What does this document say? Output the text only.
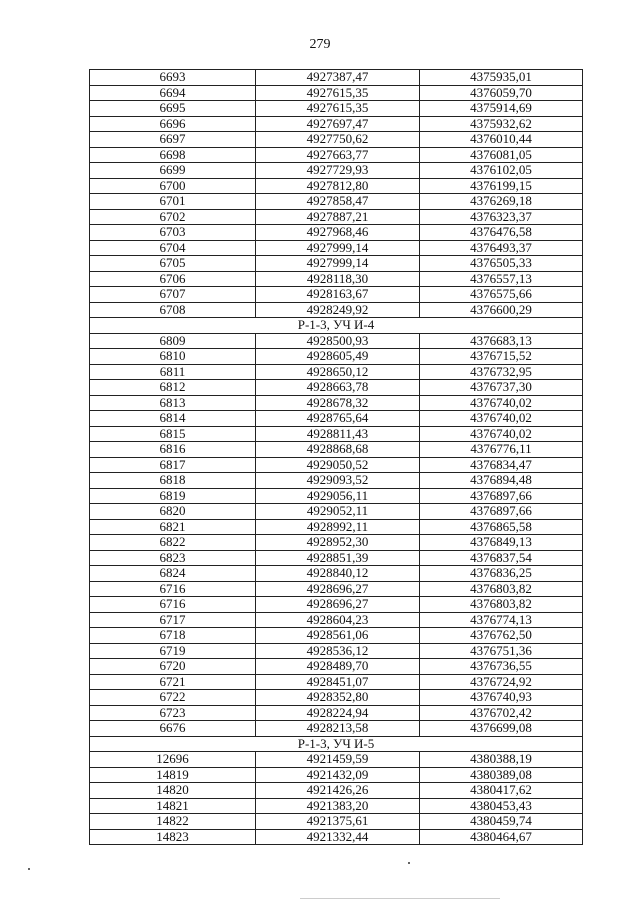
279
6693	4927387,47	4375935,01
6694	4927615,35	4376059,70
6695	4927615,35	4375914,69
6696	4927697,47	4375932,62
6697	4927750,62	4376010,44
6698	4927663,77	4376081,05
6699	4927729,93	4376102,05
6700	4927812,80	4376199,15
6701	4927858,47	4376269,18
6702	4927887,21	4376323,37
6703	4927968,46	4376476,58
6704	4927999,14	4376493,37
6705	4927999,14	4376505,33
6706	4928118,30	4376557,13
6707	4928163,67	4376575,66
6708	4928249,92	4376600,29
Р-1-3, УЧ И-4		
6809	4928500,93	4376683,13
6810	4928605,49	4376715,52
6811	4928650,12	4376732,95
6812	4928663,78	4376737,30
6813	4928678,32	4376740,02
6814	4928765,64	4376740,02
6815	4928811,43	4376740,02
6816	4928868,68	4376776,11
6817	4929050,52	4376834,47
6818	4929093,52	4376894,48
6819	4929056,11	4376897,66
6820	4929052,11	4376897,66
6821	4928992,11	4376865,58
6822	4928952,30	4376849,13
6823	4928851,39	4376837,54
6824	4928840,12	4376836,25
6716	4928696,27	4376803,82
6716	4928696,27	4376803,82
6717	4928604,23	4376774,13
6718	4928561,06	4376762,50
6719	4928536,12	4376751,36
6720	4928489,70	4376736,55
6721	4928451,07	4376724,92
6722	4928352,80	4376740,93
6723	4928224,94	4376702,42
6676	4928213,58	4376699,08
Р-1-3, УЧ И-5		
12696	4921459,59	4380388,19
14819	4921432,09	4380389,08
14820	4921426,26	4380417,62
14821	4921383,20	4380453,43
14822	4921375,61	4380459,74
14823	4921332,44	4380464,67
